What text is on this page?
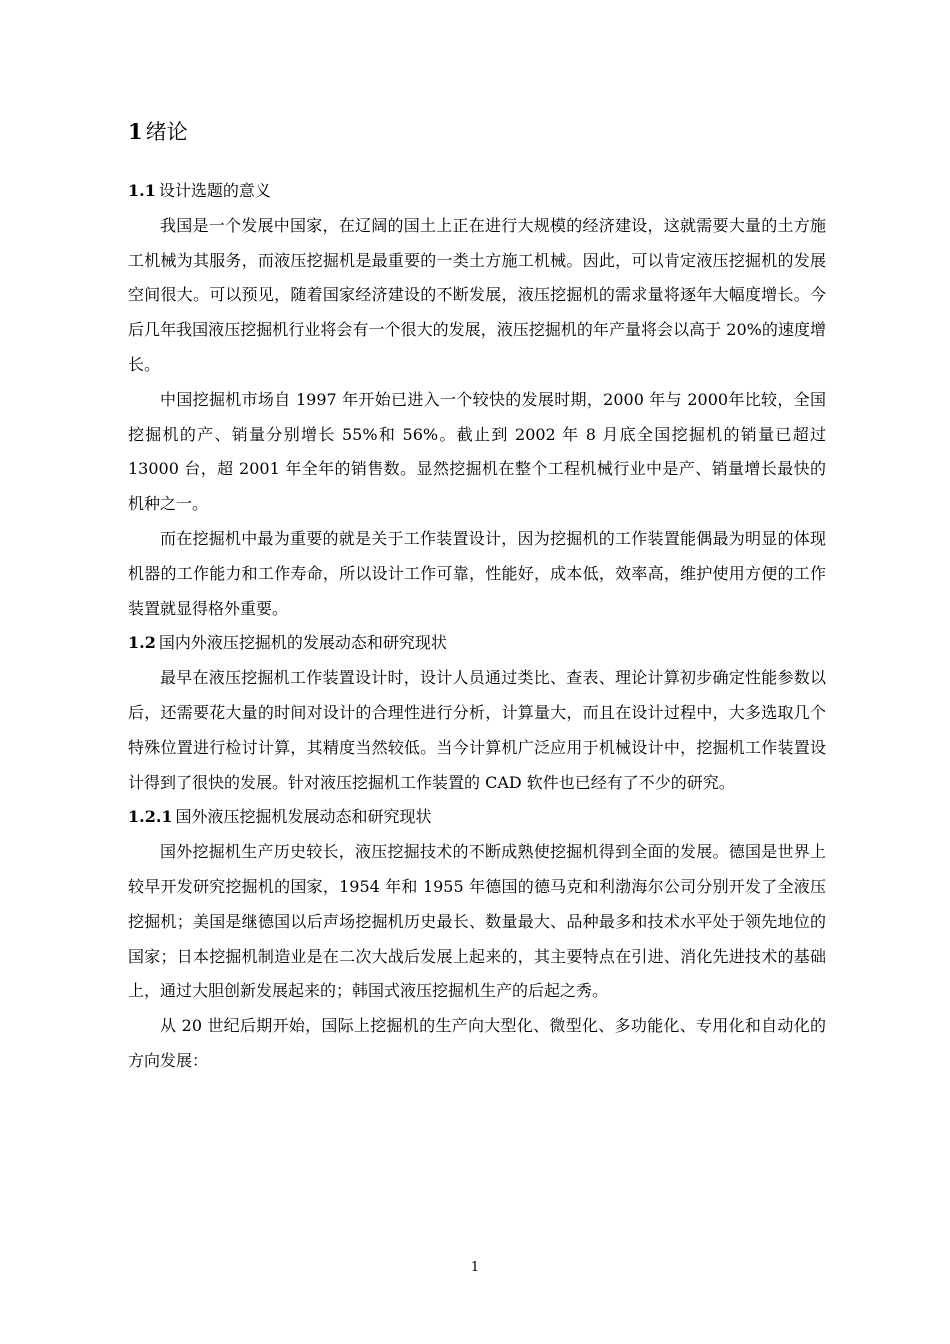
1 绪论
1.1 设计选题的意义

我国是一个发展中国家，在辽阔的国土上正在进行大规模的经济建设，这就需要大量的土方施工机械为其服务，而液压挖掘机是最重要的一类土方施工机械。因此，可以肯定液压挖掘机的发展空间很大。可以预见，随着国家经济建设的不断发展，液压挖掘机的需求量将逐年大幅度增长。今后几年我国液压挖掘机行业将会有一个很大的发展，液压挖掘机的年产量将会以高于 20%的速度增长。

中国挖掘机市场自 1997 年开始已进入一个较快的发展时期，2000 年与 2000年比较，全国挖掘机的产、销量分别增长 55%和 56%。截止到 2002 年 8 月底全国挖掘机的销量已超过 13000 台，超 2001 年全年的销售数。显然挖掘机在整个工程机械行业中是产、销量增长最快的机种之一。

而在挖掘机中最为重要的就是关于工作装置设计，因为挖掘机的工作装置能偶最为明显的体现机器的工作能力和工作寿命，所以设计工作可靠，性能好，成本低，效率高，维护使用方便的工作装置就显得格外重要。

1.2 国内外液压挖掘机的发展动态和研究现状

最早在液压挖掘机工作装置设计时，设计人员通过类比、查表、理论计算初步确定性能参数以后，还需要花大量的时间对设计的合理性进行分析，计算量大，而且在设计过程中，大多选取几个特殊位置进行检讨计算，其精度当然较低。当今计算机广泛应用于机械设计中，挖掘机工作装置设计得到了很快的发展。针对液压挖掘机工作装置的 CAD 软件也已经有了不少的研究。

1.2.1 国外液压挖掘机发展动态和研究现状

国外挖掘机生产历史较长，液压挖掘技术的不断成熟使挖掘机得到全面的发展。德国是世界上较早开发研究挖掘机的国家，1954 年和 1955 年德国的德马克和利渤海尔公司分别开发了全液压挖掘机；美国是继德国以后声场挖掘机历史最长、数量最大、品种最多和技术水平处于领先地位的国家；日本挖掘机制造业是在二次大战后发展上起来的，其主要特点在引进、消化先进技术的基础上，通过大胆创新发展起来的；韩国式液压挖掘机生产的后起之秀。

从 20 世纪后期开始，国际上挖掘机的生产向大型化、微型化、多功能化、专用化和自动化的方向发展：

1
